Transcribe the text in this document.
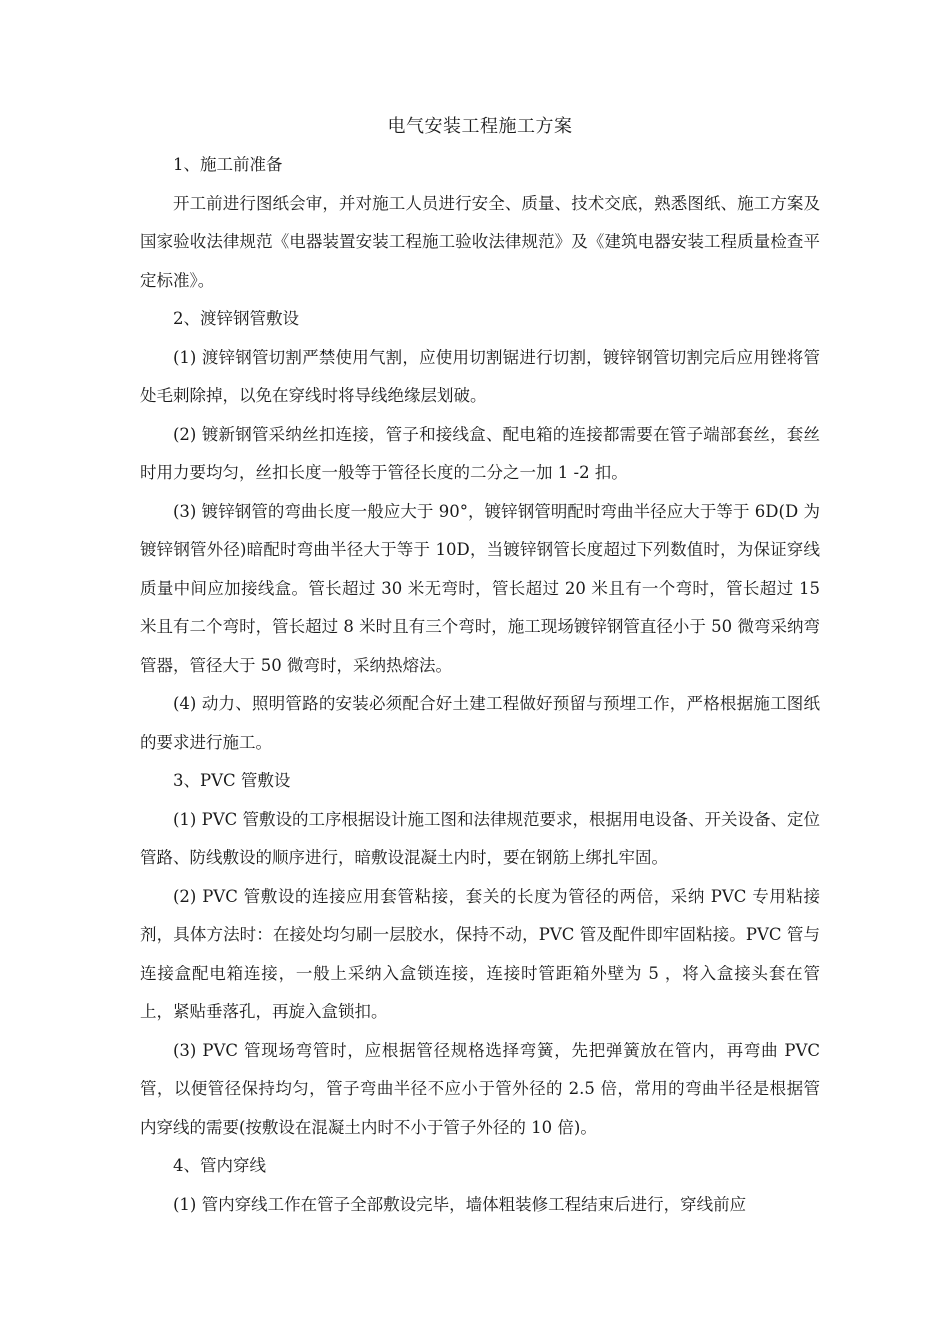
电气安装工程施工方案

1、施工前准备

开工前进行图纸会审，并对施工人员进行安全、质量、技术交底，熟悉图纸、施工方案及国家验收法律规范《电器装置安装工程施工验收法律规范》及《建筑电器安装工程质量检查平定标准》。

2、渡锌钢管敷设

(1) 渡锌钢管切割严禁使用气割，应使用切割锯进行切割，镀锌钢管切割完后应用锉将管处毛刺除掉，以免在穿线时将导线绝缘层划破。

(2) 镀新钢管采纳丝扣连接，管子和接线盒、配电箱的连接都需要在管子端部套丝，套丝时用力要均匀，丝扣长度一般等于管径长度的二分之一加 1 -2 扣。

(3) 镀锌钢管的弯曲长度一般应大于 90°，镀锌钢管明配时弯曲半径应大于等于 6D(D 为镀锌钢管外径)暗配时弯曲半径大于等于 10D，当镀锌钢管长度超过下列数值时，为保证穿线质量中间应加接线盒。管长超过 30 米无弯时，管长超过 20 米且有一个弯时，管长超过 15 米且有二个弯时，管长超过 8 米时且有三个弯时，施工现场镀锌钢管直径小于 50 微弯采纳弯管器，管径大于 50 微弯时，采纳热熔法。

(4) 动力、照明管路的安装必须配合好土建工程做好预留与预埋工作，严格根据施工图纸的要求进行施工。

3、PVC 管敷设

(1) PVC 管敷设的工序根据设计施工图和法律规范要求，根据用电设备、开关设备、定位管路、防线敷设的顺序进行，暗敷设混凝土内时，要在钢筋上绑扎牢固。

(2) PVC 管敷设的连接应用套管粘接，套关的长度为管径的两倍，采纳 PVC 专用粘接剂，具体方法时：在接处均匀刷一层胶水，保持不动，PVC 管及配件即牢固粘接。PVC 管与连接盒配电箱连接，一般上采纳入盒锁连接，连接时管距箱外壁为 5 ，将入盒接头套在管上，紧贴垂落孔，再旋入盒锁扣。

(3) PVC 管现场弯管时，应根据管径规格选择弯簧，先把弹簧放在管内，再弯曲 PVC 管，以便管径保持均匀，管子弯曲半径不应小于管外径的 2.5 倍，常用的弯曲半径是根据管内穿线的需要(按敷设在混凝土内时不小于管子外径的 10 倍)。

4、管内穿线

(1) 管内穿线工作在管子全部敷设完毕，墙体粗装修工程结束后进行，穿线前应
